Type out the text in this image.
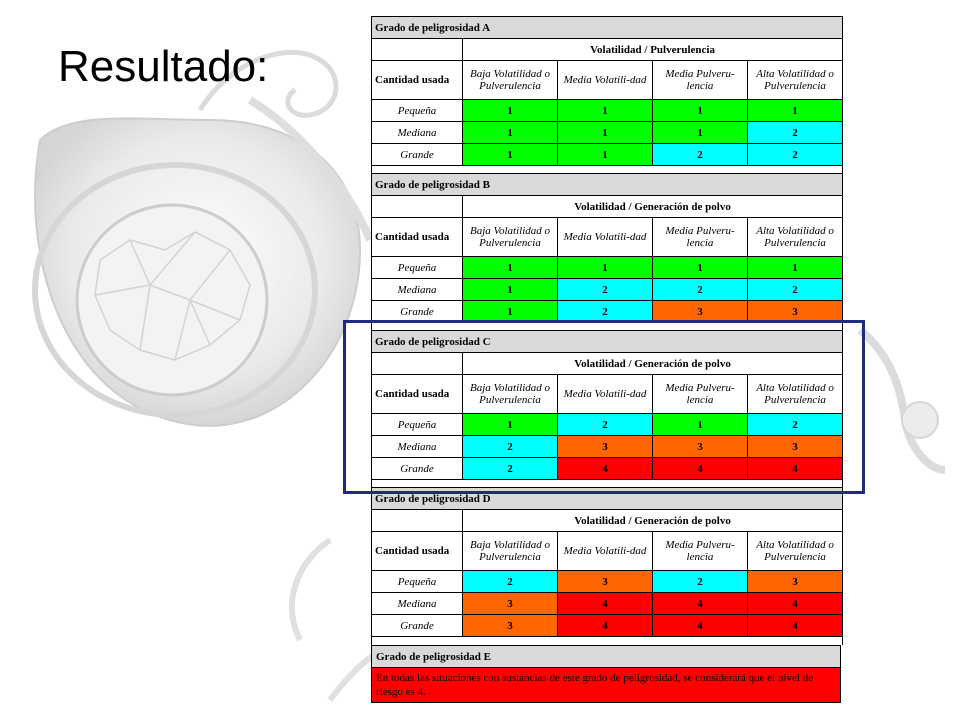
Resultado:
Grado de peligrosidad A				
	Volatilidad / Pulverulencia			
Cantidad usada	Baja Volatilidad o Pulverulencia	Media Volatili-dad	Media Pulveru-lencia	Alta Volatilidad o Pulverulencia
Pequeña	1	1	1	1
Mediana	1	1	1	2
Grande	1	1	2	2
Grado de peligrosidad B				
	Volatilidad / Generación de polvo			
Cantidad usada	Baja Volatilidad o Pulverulencia	Media Volatili-dad	Media Pulveru-lencia	Alta Volatilidad o Pulverulencia
Pequeña	1	1	1	1
Mediana	1	2	2	2
Grande	1	2	3	3
Grado de peligrosidad C				
	Volatilidad / Generación de polvo			
Cantidad usada	Baja Volatilidad o Pulverulencia	Media Volatili-dad	Media Pulveru-lencia	Alta Volatilidad o Pulverulencia
Pequeña	1	2	1	2
Mediana	2	3	3	3
Grande	2	4	4	4
Grado de peligrosidad D				
	Volatilidad / Generación de polvo			
Cantidad usada	Baja Volatilidad o Pulverulencia	Media Volatili-dad	Media Pulveru-lencia	Alta Volatilidad o Pulverulencia
Pequeña	2	3	2	3
Mediana	3	4	4	4
Grande	3	4	4	4
Grado de peligrosidad E
En todas las situaciones con sustancias de este grado de peligrosidad, se considerará que el nivel de riesgo es 4.
